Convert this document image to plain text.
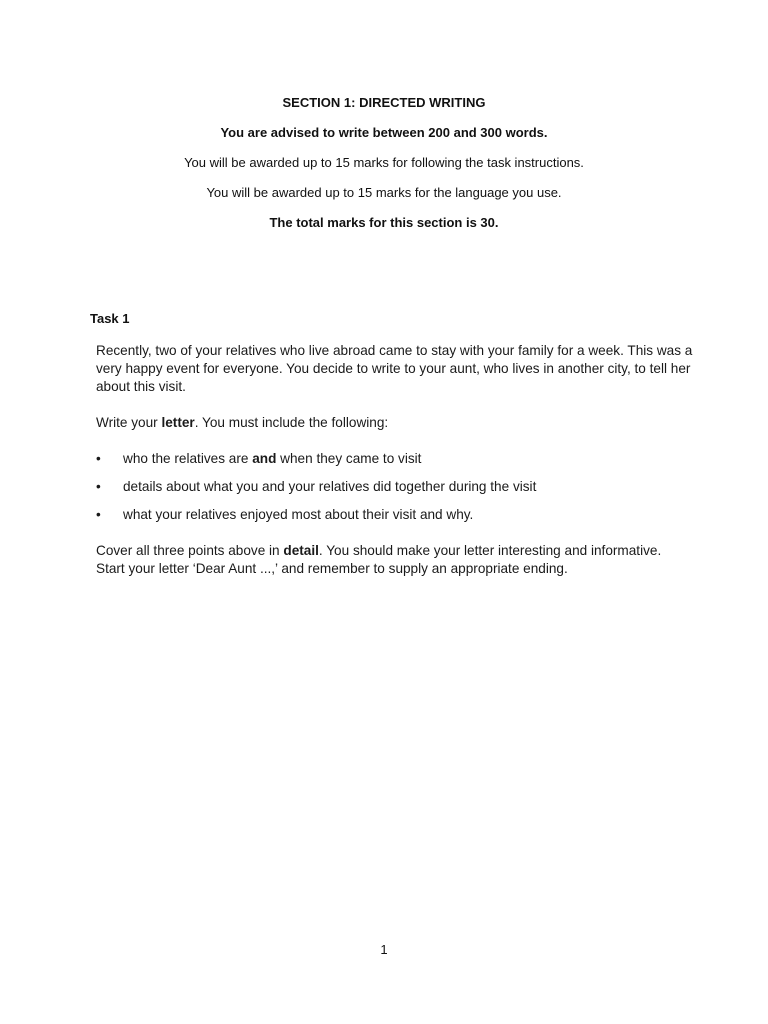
SECTION 1: DIRECTED WRITING

You are advised to write between 200 and 300 words.

You will be awarded up to 15 marks for following the task instructions.

You will be awarded up to 15 marks for the language you use.

The total marks for this section is 30.

Task 1

Recently, two of your relatives who live abroad came to stay with your family for a week. This was a very happy event for everyone. You decide to write to your aunt, who lives in another city, to tell her about this visit.

Write your letter. You must include the following:

• who the relatives are and when they came to visit
• details about what you and your relatives did together during the visit
• what your relatives enjoyed most about their visit and why.

Cover all three points above in detail. You should make your letter interesting and informative.

Start your letter ‘Dear Aunt ...,’ and remember to supply an appropriate ending.

1
